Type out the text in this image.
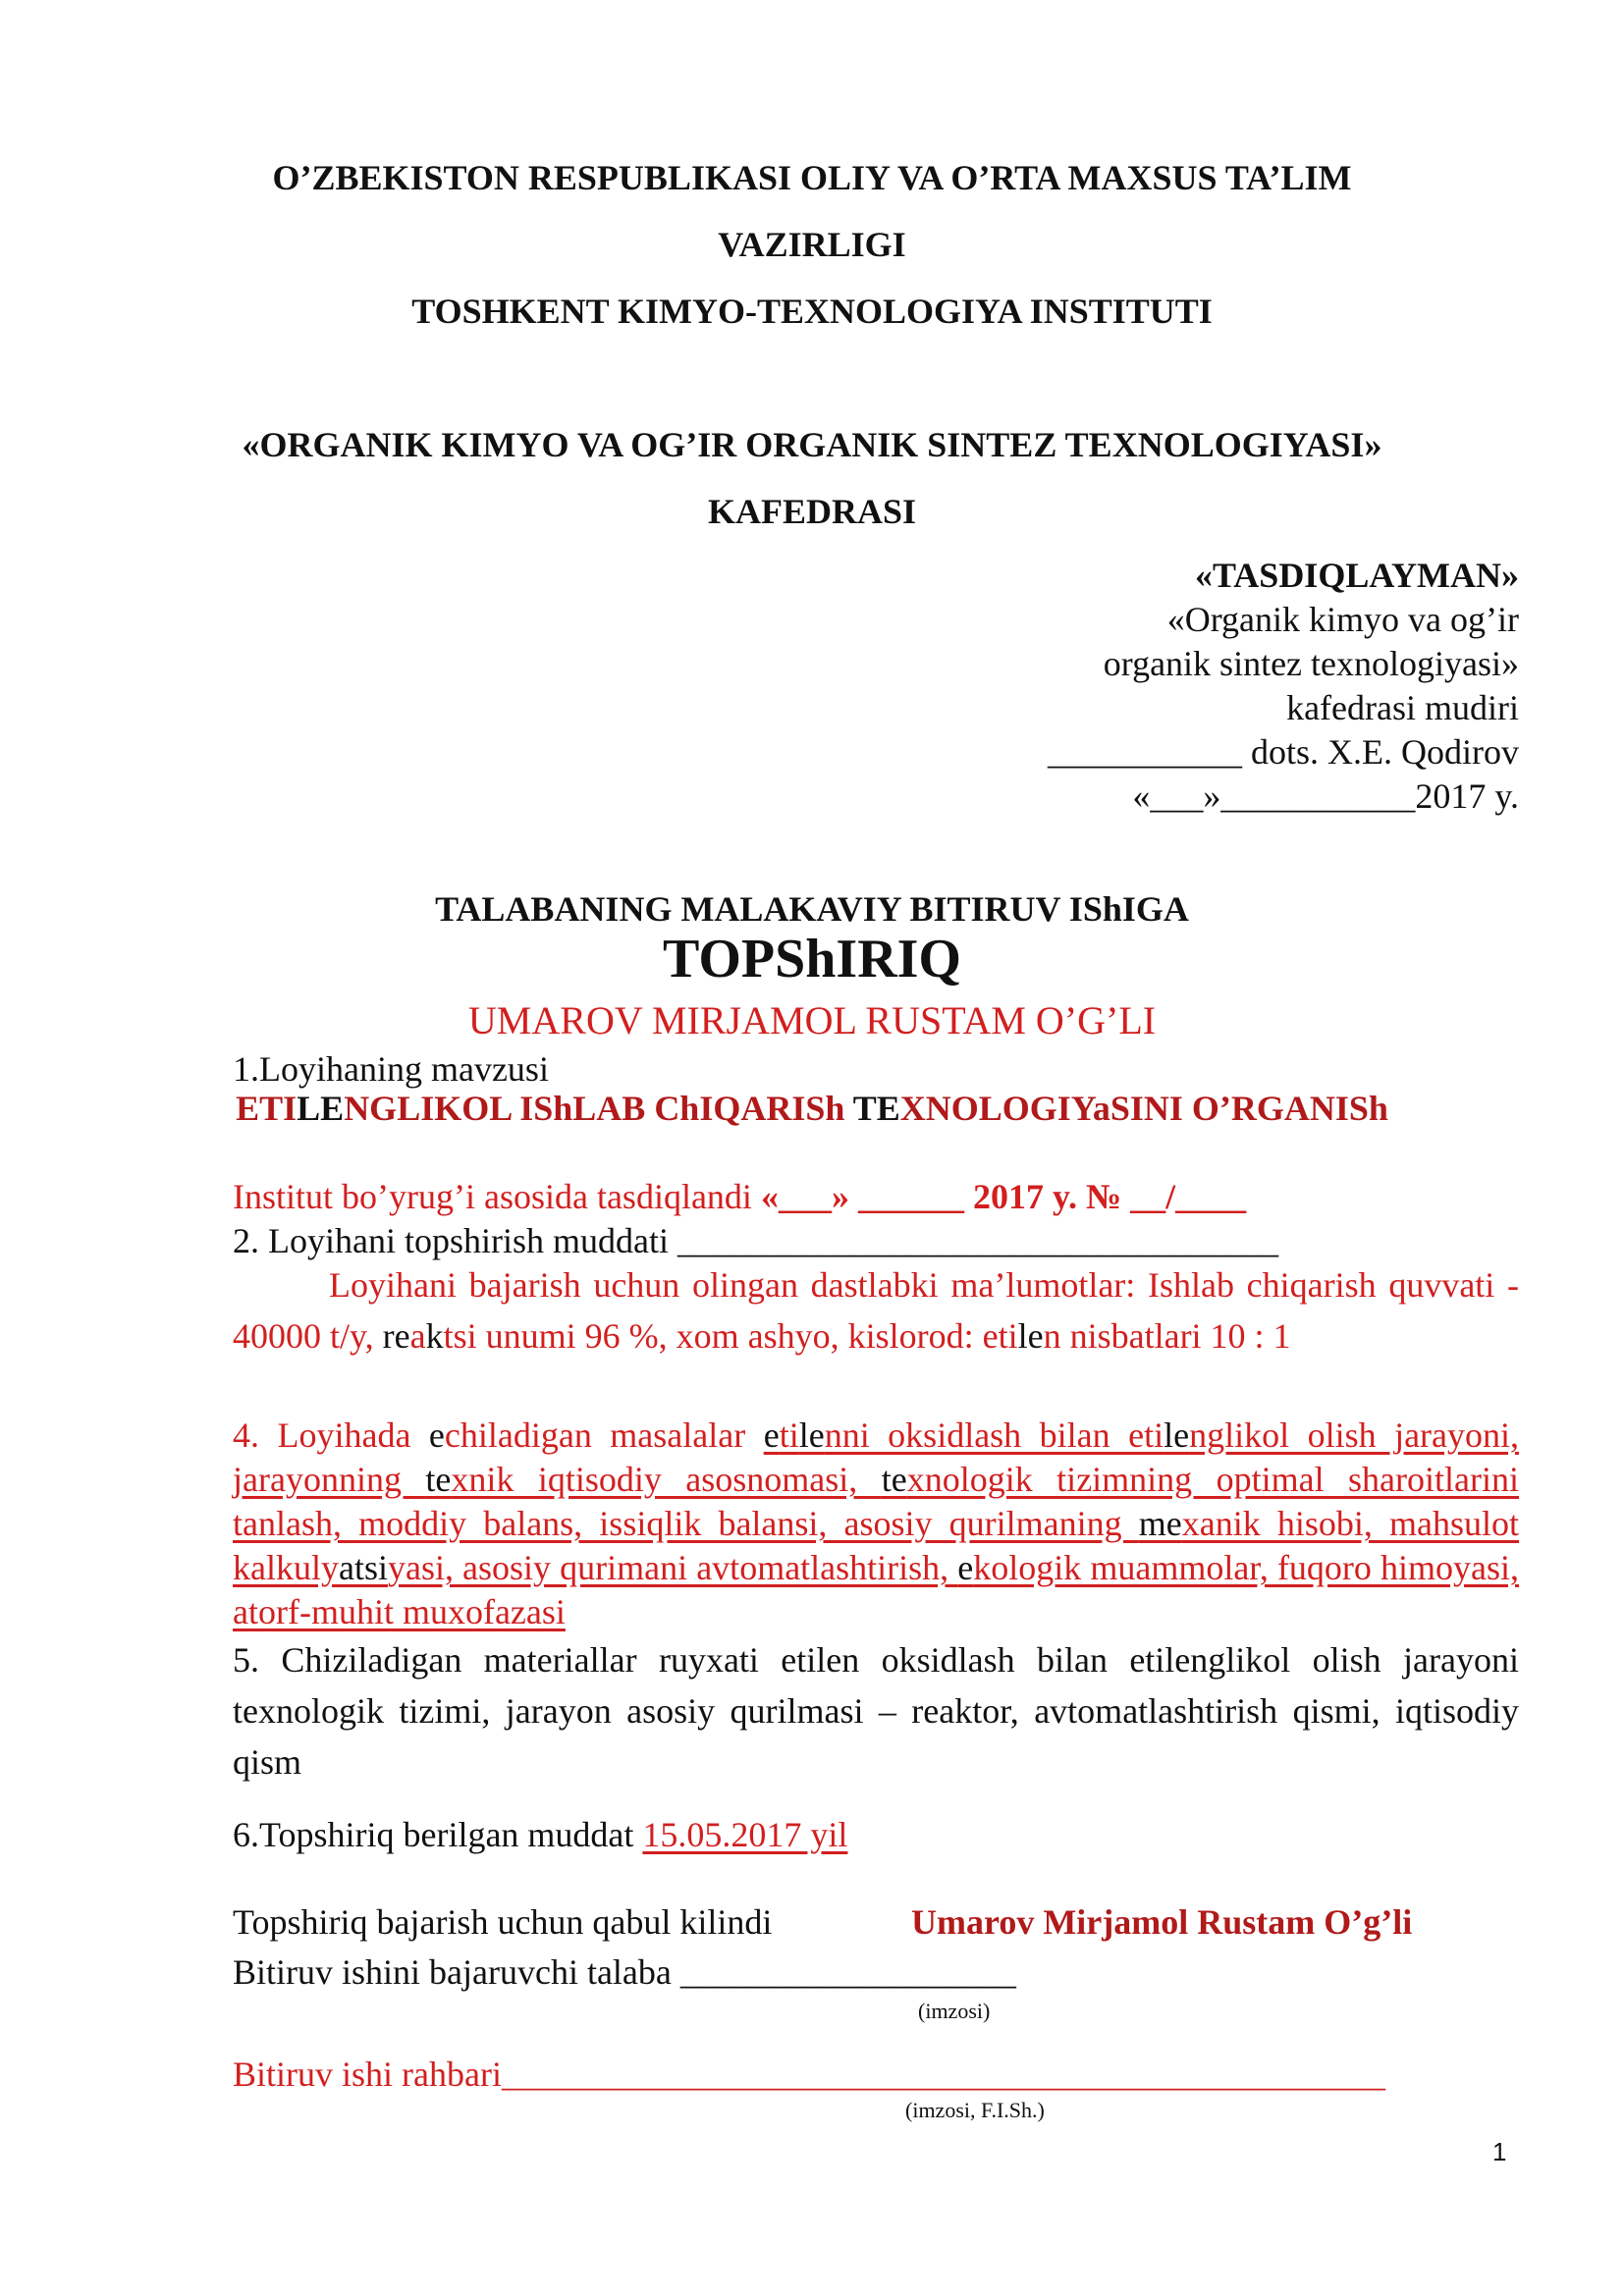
O’ZBEKISTON RESPUBLIKASI OLIY VA O’RTA MAXSUS TA’LIM

VAZIRLIGI

TOSHKENT KIMYO-TEXNOLOGIYA INSTITUTI

«ORGANIK KIMYO VA OG’IR ORGANIK SINTEZ TEXNOLOGIYASI»

KAFEDRASI

«TASDIQLAYMAN»

«Organik kimyo va og’ir

organik sintez texnologiyasi»

kafedrasi mudiri

___________ dots. X.E. Qodirov

«___»___________2017 y.

TALABANING MALAKAVIY BITIRUV IShIGA

TOPShIRIQ

UMAROV MIRJAMOL RUSTAM O’G’LI

1.Loyihaning mavzusi

ETILENGLIKOL IShLAB ChIQARISh TEXNOLOGIYaSINI O’RGANISh

Institut bo’yrug’i asosida tasdiqlandi «___» ______ 2017 y. № __/____

2. Loyihani topshirish muddati __________________________________

Loyihani bajarish uchun olingan dastlabki ma’lumotlar: Ishlab chiqarish quvvati - 40000 t/y, reaktsi unumi 96 %, xom ashyo, kislorod: etilen nisbatlari 10 : 1

4. Loyihada echiladigan masalalar etilenni oksidlash bilan etilenglikol olish jarayoni, jarayonning texnik iqtisodiy asosnomasi, texnologik tizimning optimal sharoitlarini tanlash, moddiy balans, issiqlik balansi, asosiy qurilmaning mexanik hisobi, mahsulot kalkulyatsiyasi, asosiy qurimani avtomatlashtirish, ekologik muammolar, fuqoro himoyasi, atorf-muhit muxofazasi

5. Chiziladigan materiallar ruyxati etilen oksidlash bilan etilenglikol olish jarayoni texnologik tizimi, jarayon asosiy qurilmasi – reaktor, avtomatlashtirish qismi, iqtisodiy qism

6.Topshiriq berilgan muddat 15.05.2017 yil

Topshiriq bajarish uchun qabul kilindi	Umarov Mirjamol Rustam O’g’li

Bitiruv ishini bajaruvchi talaba ___________________

(imzosi)

Bitiruv ishi rahbari__________________________________________________

(imzosi, F.I.Sh.)

1
